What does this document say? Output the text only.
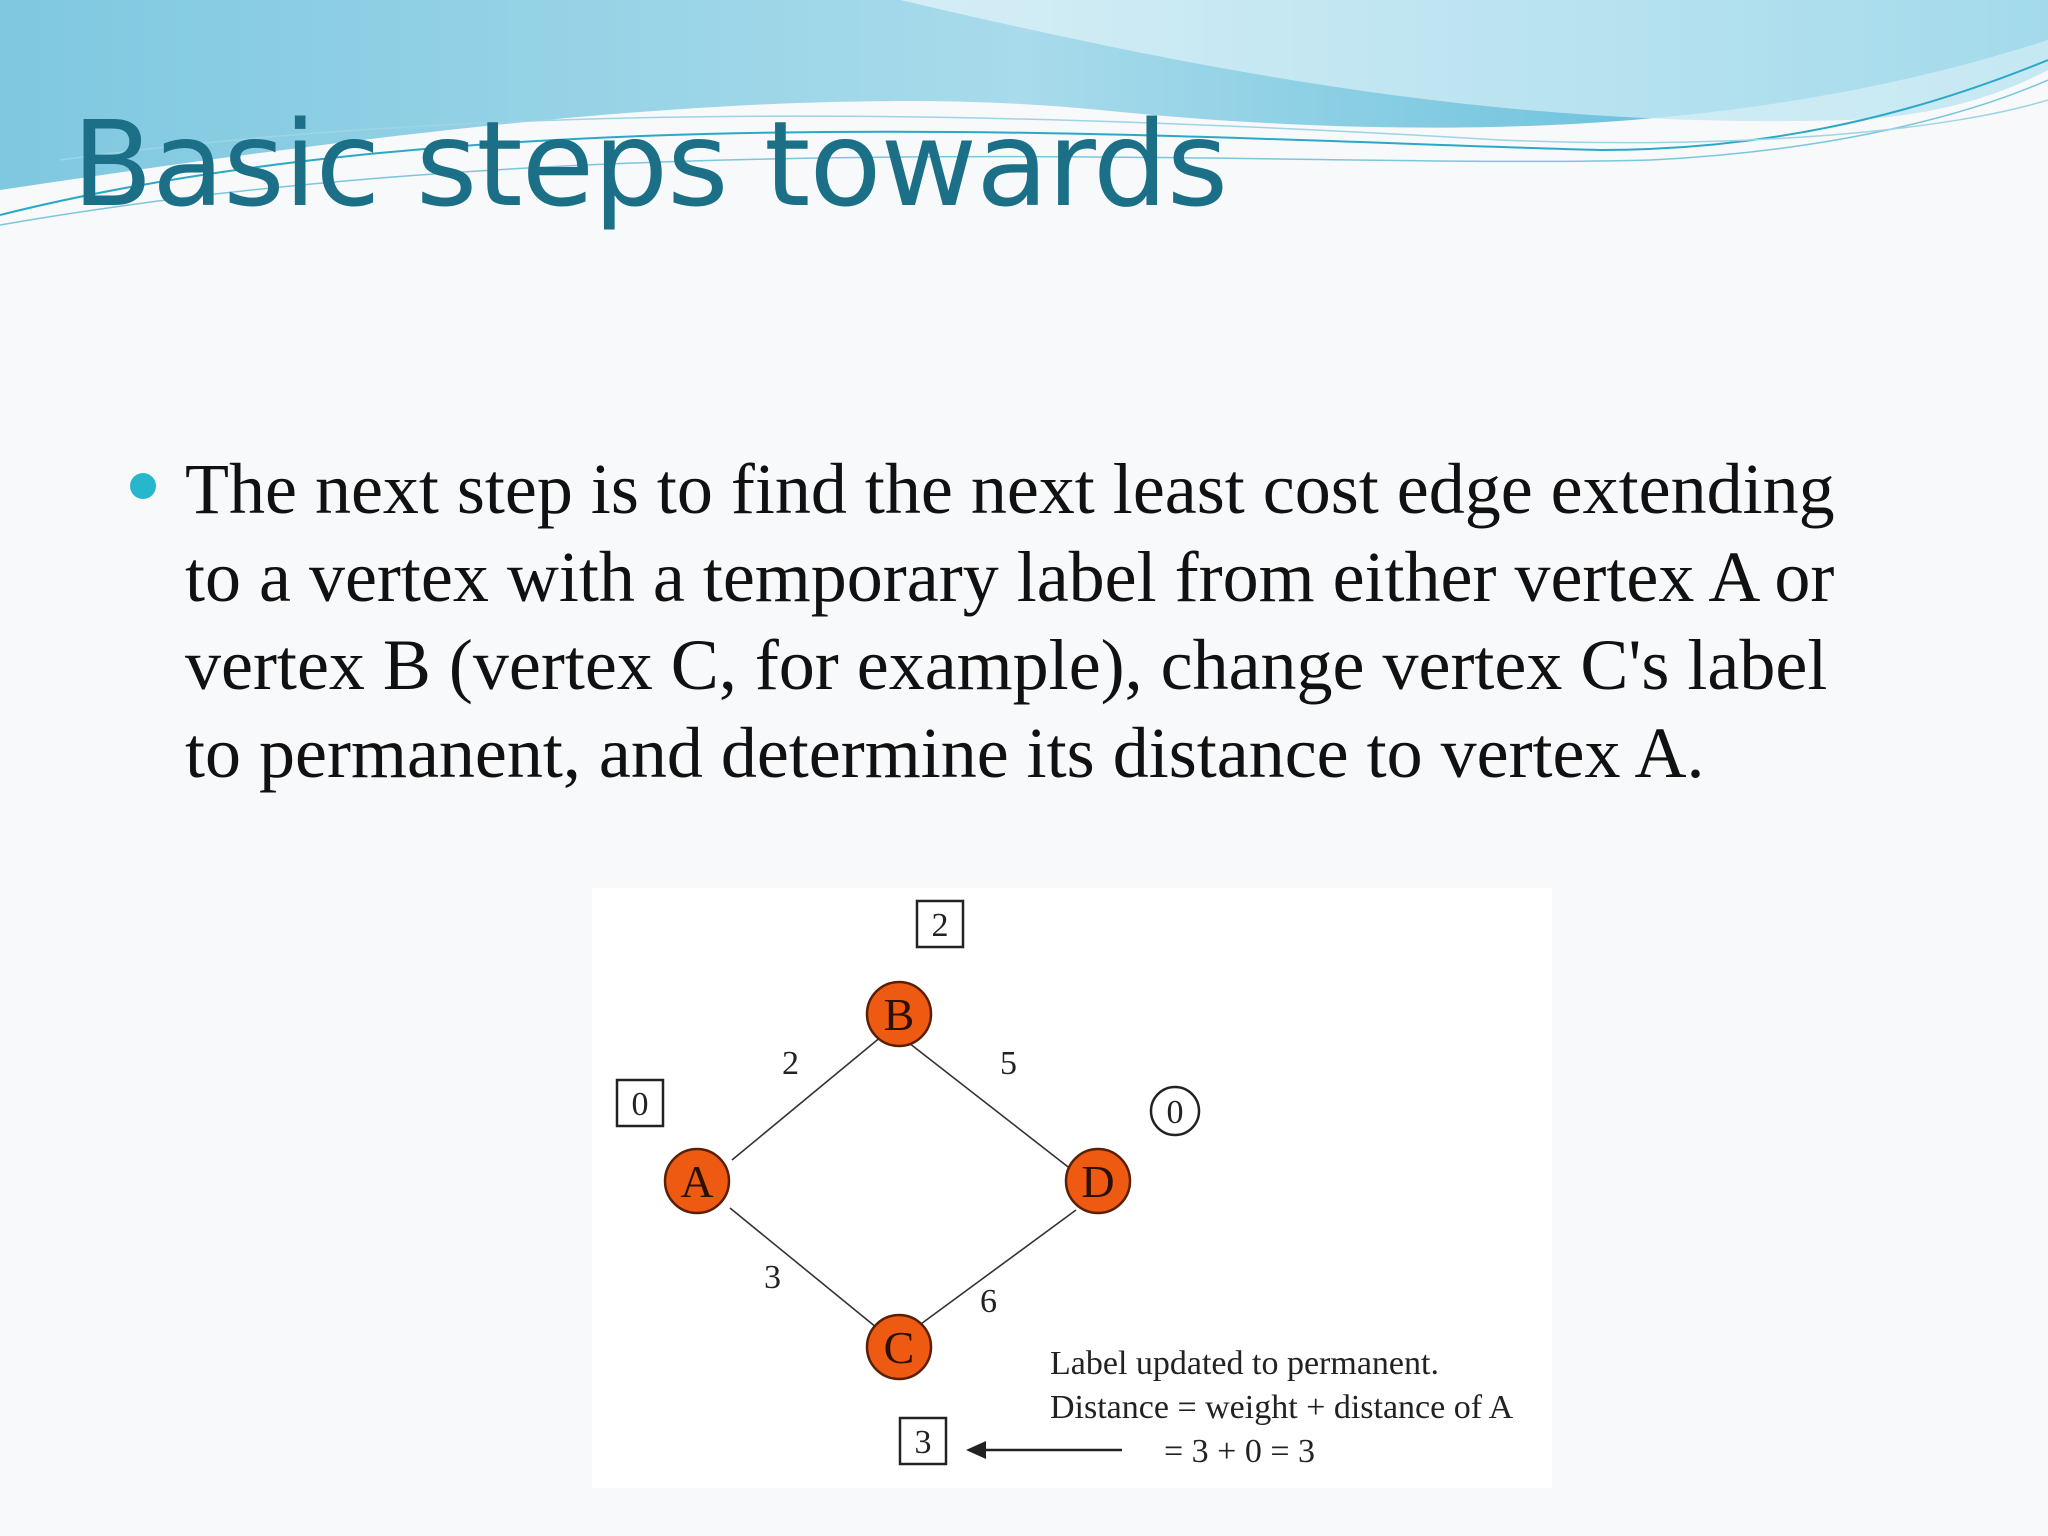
Basic steps towards
The next step is to find the next least cost edge extending to a vertex with a temporary label from either vertex A or vertex B (vertex C, for example), change vertex C's label to permanent, and determine its distance to vertex A.
2	5
3
6
B
A	D
C
2
0	0
3
Label updated to permanent.
Distance = weight + distance of A
= 3 + 0 = 3
